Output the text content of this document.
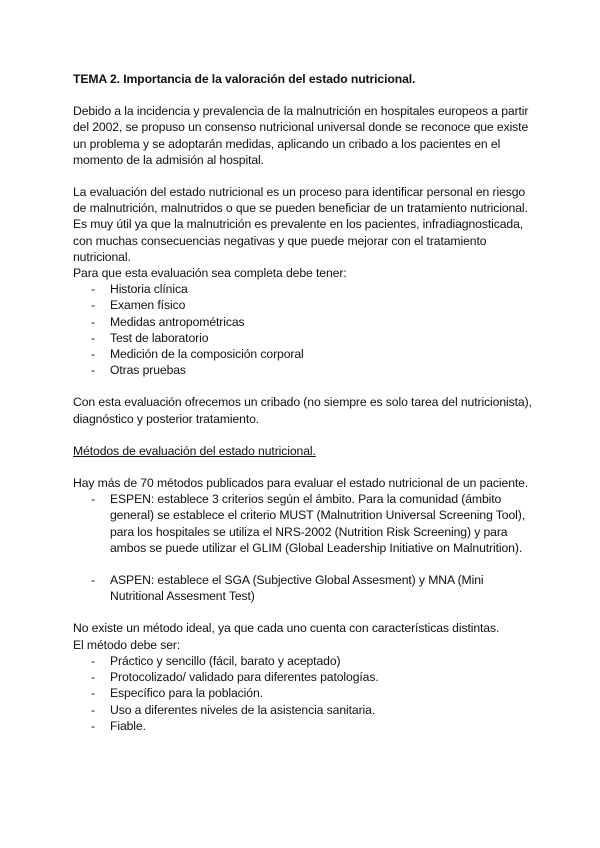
TEMA 2. Importancia de la valoración del estado nutricional.

Debido a la incidencia y prevalencia de la malnutrición en hospitales europeos a partir del 2002, se propuso un consenso nutricional universal donde se reconoce que existe un problema y se adoptarán medidas, aplicando un cribado a los pacientes en el momento de la admisión al hospital.

La evaluación del estado nutricional es un proceso para identificar personal en riesgo de malnutrición, malnutridos o que se pueden beneficiar de un tratamiento nutricional. Es muy útil ya que la malnutrición es prevalente en los pacientes, infradiagnosticada, con muchas consecuencias negativas y que puede mejorar con el tratamiento nutricional.

Para que esta evaluación sea completa debe tener:

- Historia clínica
- Examen físico
- Medidas antropométricas
- Test de laboratorio
- Medición de la composición corporal
- Otras pruebas

Con esta evaluación ofrecemos un cribado (no siempre es solo tarea del nutricionista), diagnóstico y posterior tratamiento.

Métodos de evaluación del estado nutricional.

Hay más de 70 métodos publicados para evaluar el estado nutricional de un paciente.

- ESPEN: establece 3 criterios según el ámbito. Para la comunidad (ámbito general) se establece el criterio MUST (Malnutrition Universal Screening Tool), para los hospitales se utiliza el NRS-2002 (Nutrition Risk Screening) y para ambos se puede utilizar el GLIM (Global Leadership Initiative on Malnutrition).
- ASPEN: establece el SGA (Subjective Global Assesment) y MNA (Mini Nutritional Assesment Test)

No existe un método ideal, ya que cada uno cuenta con características distintas.

El método debe ser:

- Práctico y sencillo (fácil, barato y aceptado)
- Protocolizado/ validado para diferentes patologías.
- Específico para la población.
- Uso a diferentes niveles de la asistencia sanitaria.
- Fiable.
